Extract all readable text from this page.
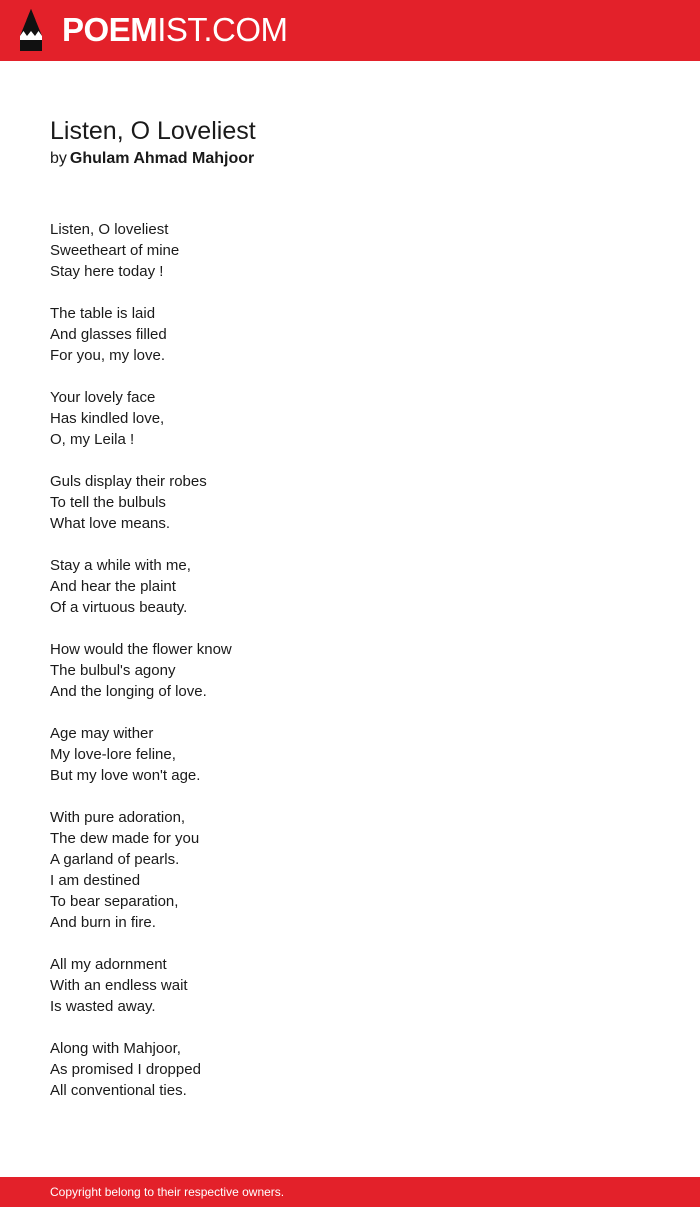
POEMIST.COM
Listen, O Loveliest
by Ghulam Ahmad Mahjoor
Listen, O loveliest
Sweetheart of mine
Stay here today !
The table is laid
And glasses filled
For you, my love.
Your lovely face
Has kindled love,
O, my Leila !
Guls display their robes
To tell the bulbuls
What love means.
Stay a while with me,
And hear the plaint
Of a virtuous beauty.
How would the flower know
The bulbul's agony
And the longing of love.
Age may wither
My love-lore feline,
But my love won't age.
With pure adoration,
The dew made for you
A garland of pearls.
I am destined
To bear separation,
And burn in fire.
All my adornment
With an endless wait
Is wasted away.
Along with Mahjoor,
As promised I dropped
All conventional ties.
Copyright belong to their respective owners.
